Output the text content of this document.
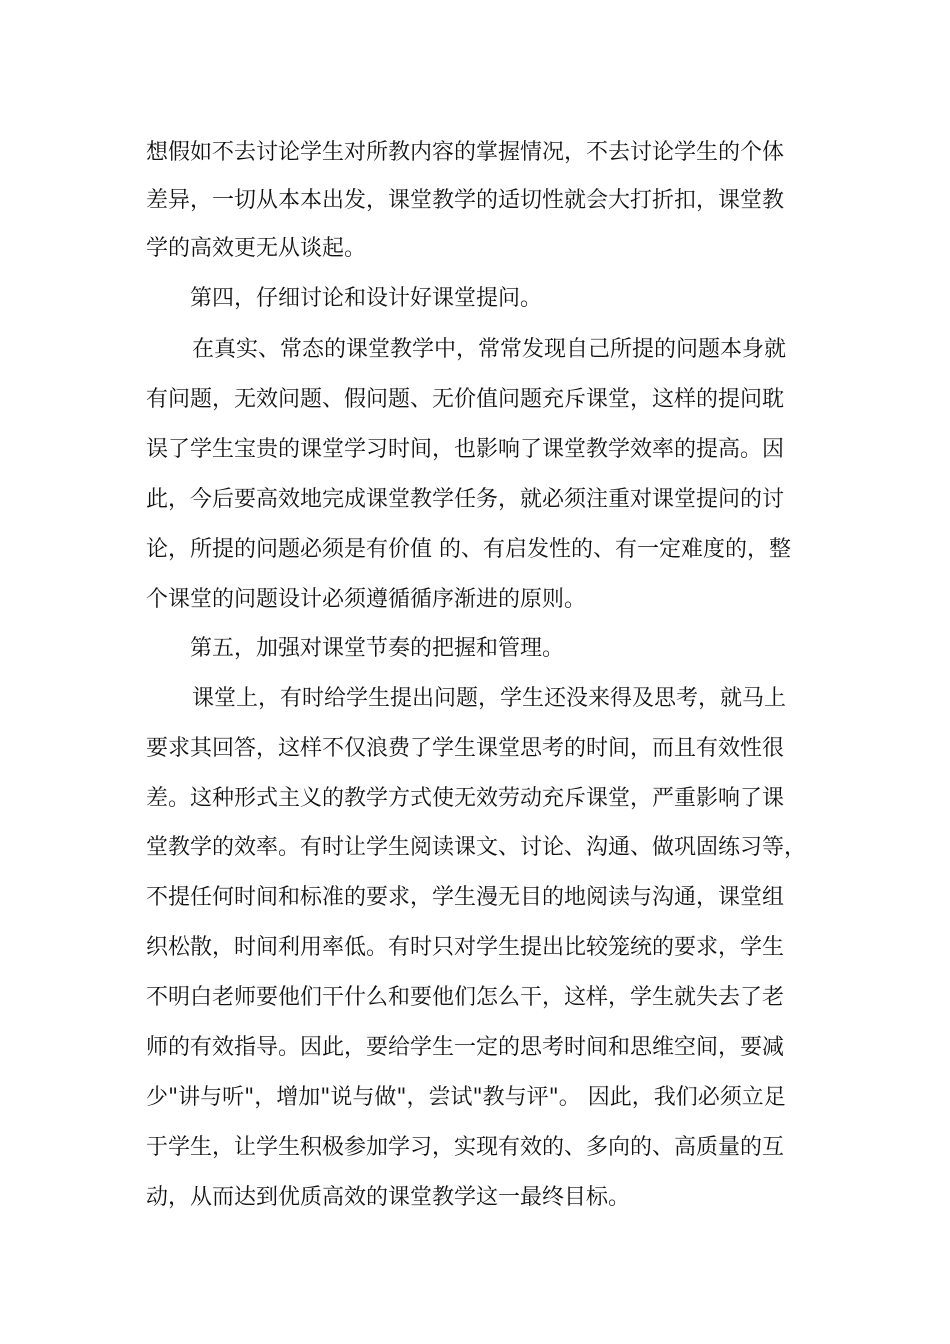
想假如不去讨论学生对所教内容的掌握情况，不去讨论学生的个体

差异，一切从本本出发，课堂教学的适切性就会大打折扣，课堂教

学的高效更无从谈起。

第四，仔细讨论和设计好课堂提问。

在真实、常态的课堂教学中，常常发现自己所提的问题本身就

有问题，无效问题、假问题、无价值问题充斥课堂，这样的提问耽

误了学生宝贵的课堂学习时间，也影响了课堂教学效率的提高。因

此，今后要高效地完成课堂教学任务，就必须注重对课堂提问的讨

论，所提的问题必须是有价值 的、有启发性的、有一定难度的，整

个课堂的问题设计必须遵循循序渐进的原则。

第五，加强对课堂节奏的把握和管理。

课堂上，有时给学生提出问题，学生还没来得及思考，就马上

要求其回答，这样不仅浪费了学生课堂思考的时间，而且有效性很

差。这种形式主义的教学方式使无效劳动充斥课堂，严重影响了课

堂教学的效率。有时让学生阅读课文、讨论、沟通、做巩固练习等，

不提任何时间和标准的要求，学生漫无目的地阅读与沟通，课堂组

织松散，时间利用率低。有时只对学生提出比较笼统的要求，学生

不明白老师要他们干什么和要他们怎么干，这样，学生就失去了老

师的有效指导。因此，要给学生一定的思考时间和思维空间，要减

少"讲与听"，增加"说与做"，尝试"教与评"。 因此，我们必须立足

于学生，让学生积极参加学习，实现有效的、多向的、高质量的互

动，从而达到优质高效的课堂教学这一最终目标。
